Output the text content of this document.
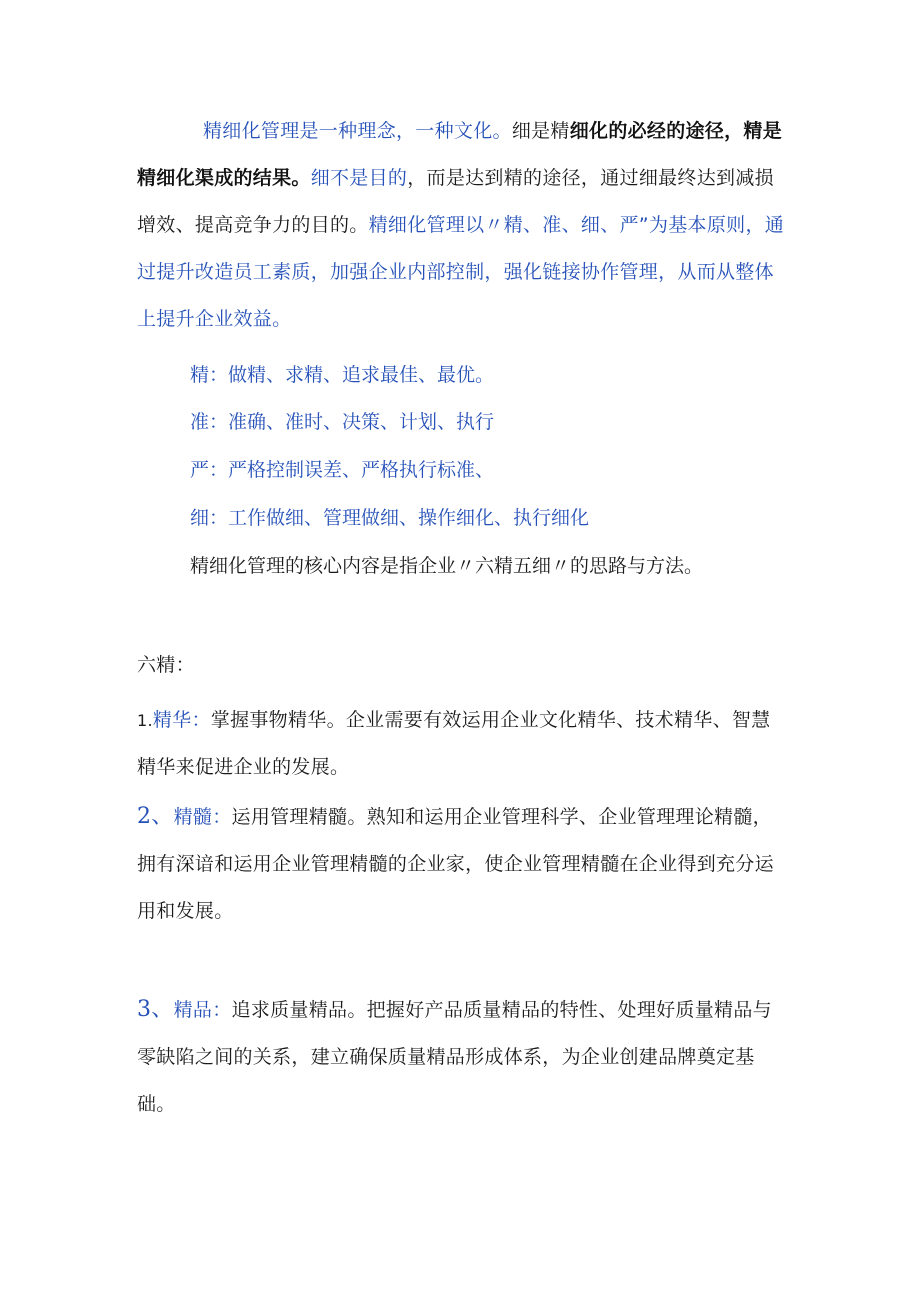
精细化管理是一种理念，一种文化。细是精细化的必经的途径，精是精细化渠成的结果。细不是目的，而是达到精的途径，通过细最终达到减损增效、提高竞争力的目的。精细化管理以〃精、准、细、严”为基本原则，通过提升改造员工素质，加强企业内部控制，强化链接协作管理，从而从整体上提升企业效益。

精：做精、求精、追求最佳、最优。
准：准确、准时、决策、计划、执行
严：严格控制误差、严格执行标准、
细：工作做细、管理做细、操作细化、执行细化
精细化管理的核心内容是指企业〃六精五细〃的思路与方法。
六精：

1.精华：掌握事物精华。企业需要有效运用企业文化精华、技术精华、智慧精华来促进企业的发展。

2、精髓：运用管理精髓。熟知和运用企业管理科学、企业管理理论精髓，拥有深谙和运用企业管理精髓的企业家，使企业管理精髓在企业得到充分运用和发展。

3、精品：追求质量精品。把握好产品质量精品的特性、处理好质量精品与零缺陷之间的关系，建立确保质量精品形成体系，为企业创建品牌奠定基础。
